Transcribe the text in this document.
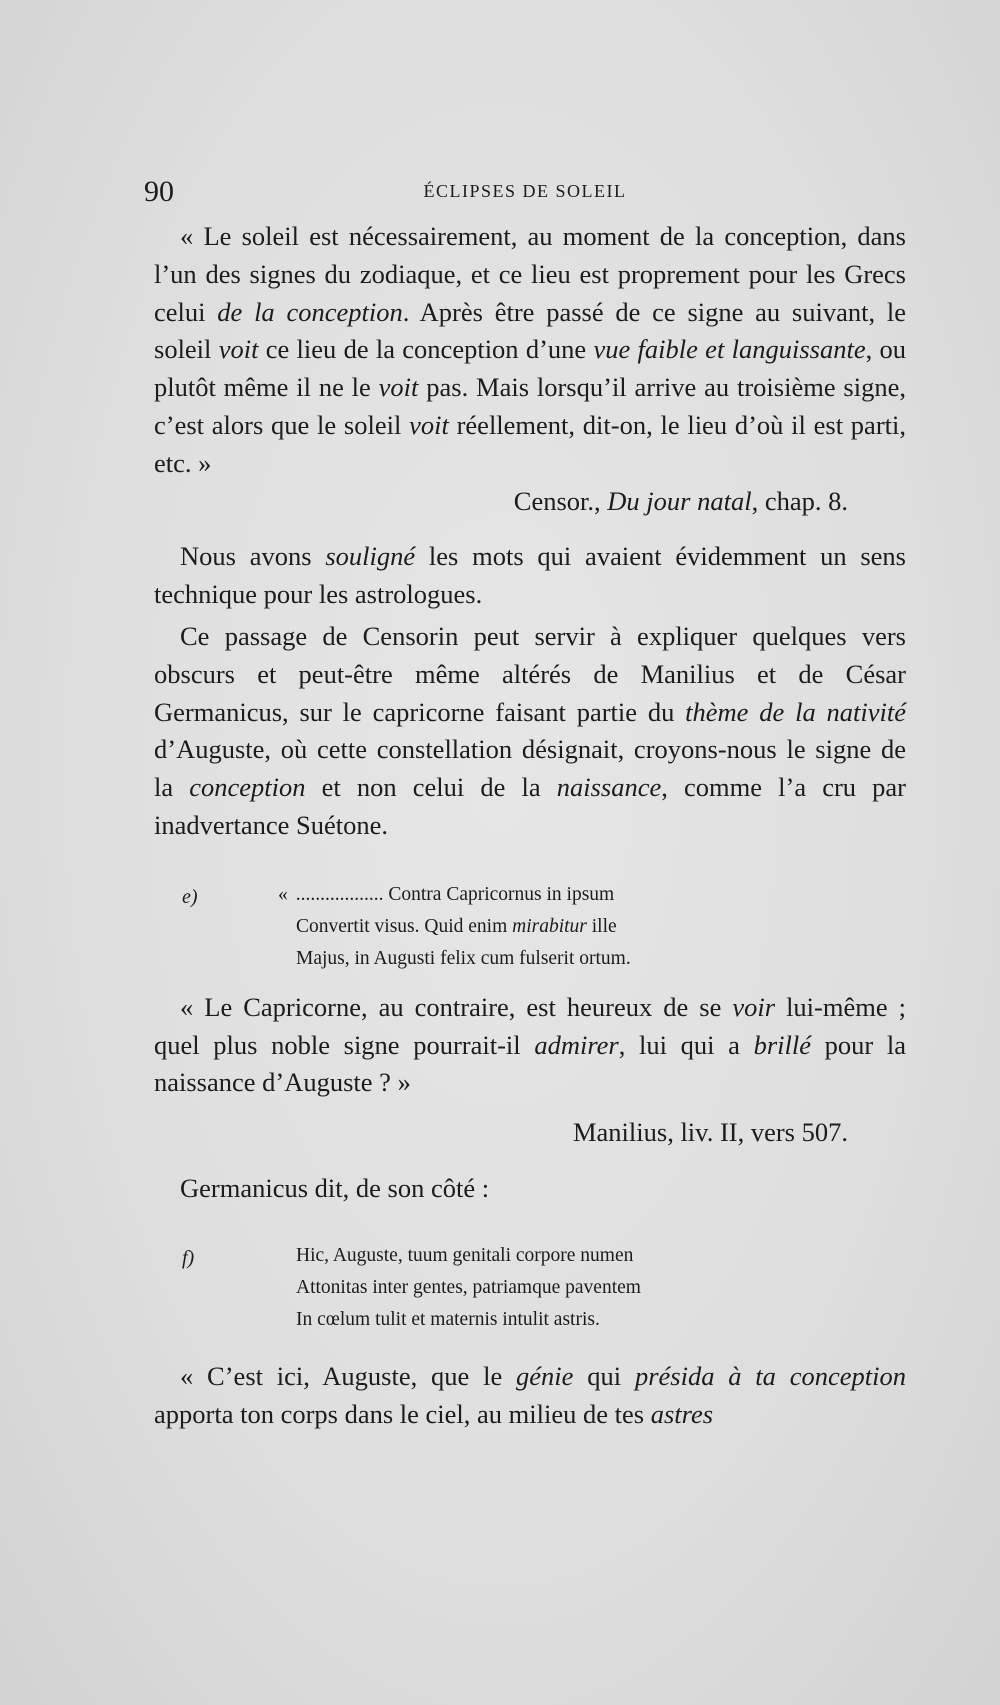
90	ÉCLIPSES DE SOLEIL

« Le soleil est nécessairement, au moment de la conception, dans l’un des signes du zodiaque, et ce lieu est proprement pour les Grecs celui de la conception. Après être passé de ce signe au suivant, le soleil voit ce lieu de la conception d’une vue faible et languissante, ou plutôt même il ne le voit pas. Mais lorsqu’il arrive au troisième signe, c’est alors que le soleil voit réellement, dit-on, le lieu d’où il est parti, etc. »

Censor., Du jour natal, chap. 8.

Nous avons souligné les mots qui avaient évidemment un sens technique pour les astrologues.

Ce passage de Censorin peut servir à expliquer quelques vers obscurs et peut-être même altérés de Manilius et de César Germanicus, sur le capricorne faisant partie du thème de la nativité d’Auguste, où cette constellation désignait, croyons-nous le signe de la conception et non celui de la naissance, comme l’a cru par inadvertance Suétone.

e)	« .................. Contra Capricornus in ipsum
Convertit visus. Quid enim mirabitur ille
Majus, in Augusti felix cum fulserit ortum.

« Le Capricorne, au contraire, est heureux de se voir lui-même ; quel plus noble signe pourrait-il admirer, lui qui a brillé pour la naissance d’Auguste ? »

Manilius, liv. II, vers 507.

Germanicus dit, de son côté :

f)	Hic, Auguste, tuum genitali corpore numen
Attonitas inter gentes, patriamque paventem
In cœlum tulit et maternis intulit astris.

« C’est ici, Auguste, que le génie qui présida à ta conception apporta ton corps dans le ciel, au milieu de tes astres
